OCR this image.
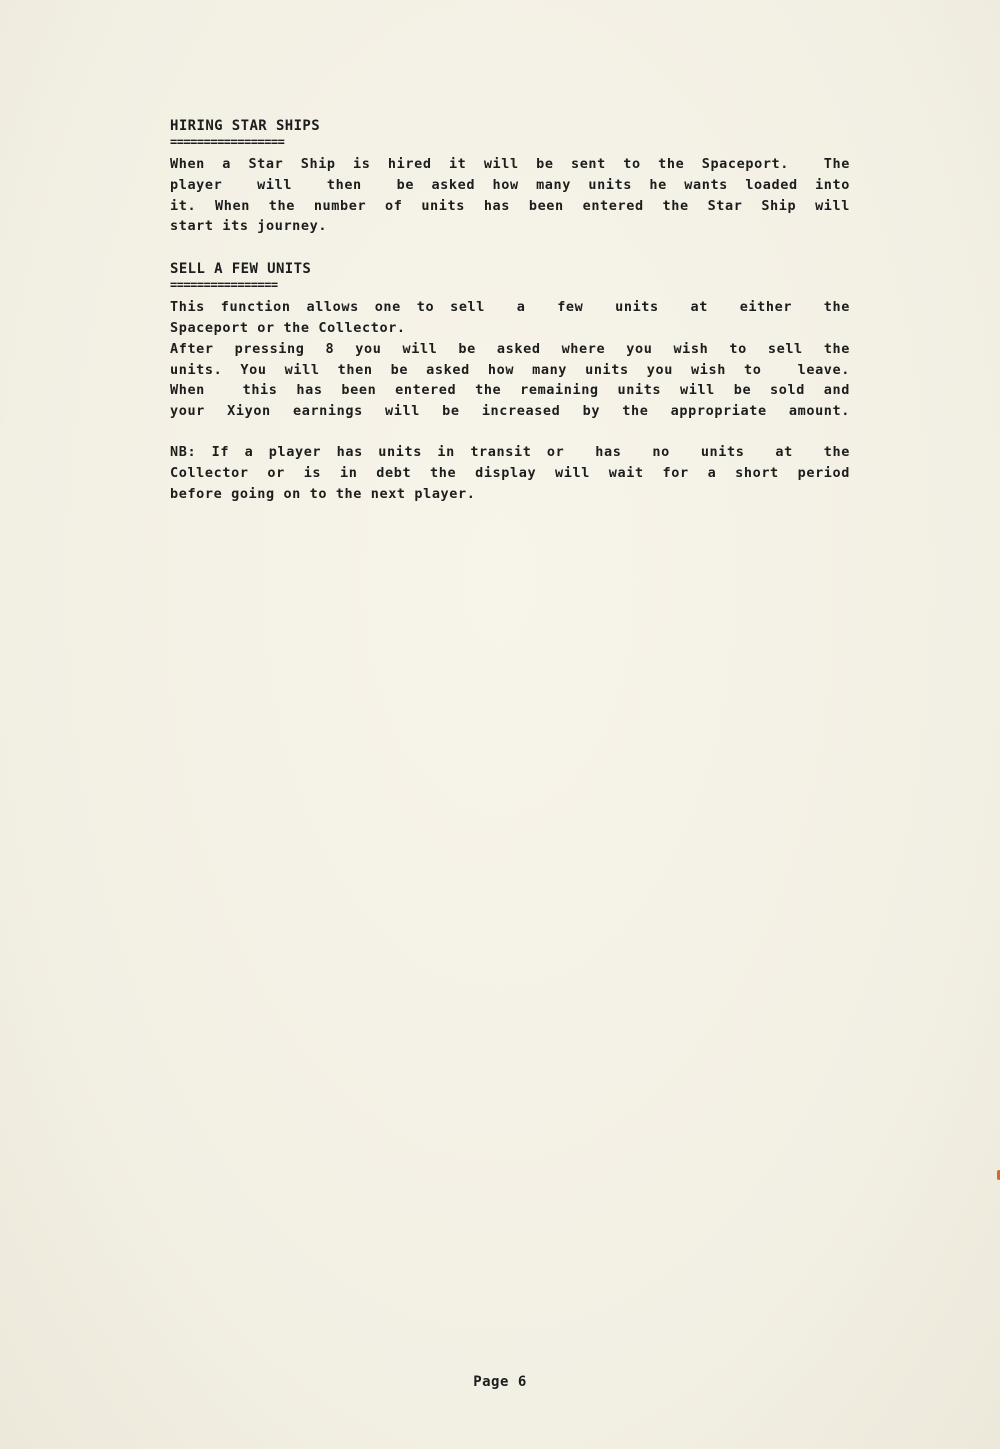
HIRING STAR SHIPS

=================

When a Star Ship is hired it will be sent to the Spaceport.  The
player  will  then  be asked how many units he wants loaded into
it. When the number of units has been entered the Star Ship will
start its journey.

SELL A FEW UNITS

================

This function allows one to sell  a  few  units  at  either  the
Spaceport or the Collector.
After pressing 8 you will be asked where you wish to sell the
units. You will then be asked how many units you wish to  leave.
When  this has been entered the remaining units will be sold and
your Xiyon earnings will be increased by the appropriate amount.
NB: If a player has units in transit or  has  no  units  at  the
Collector or is in debt the display will wait for a short period
before going on to the next player.
Page 6
